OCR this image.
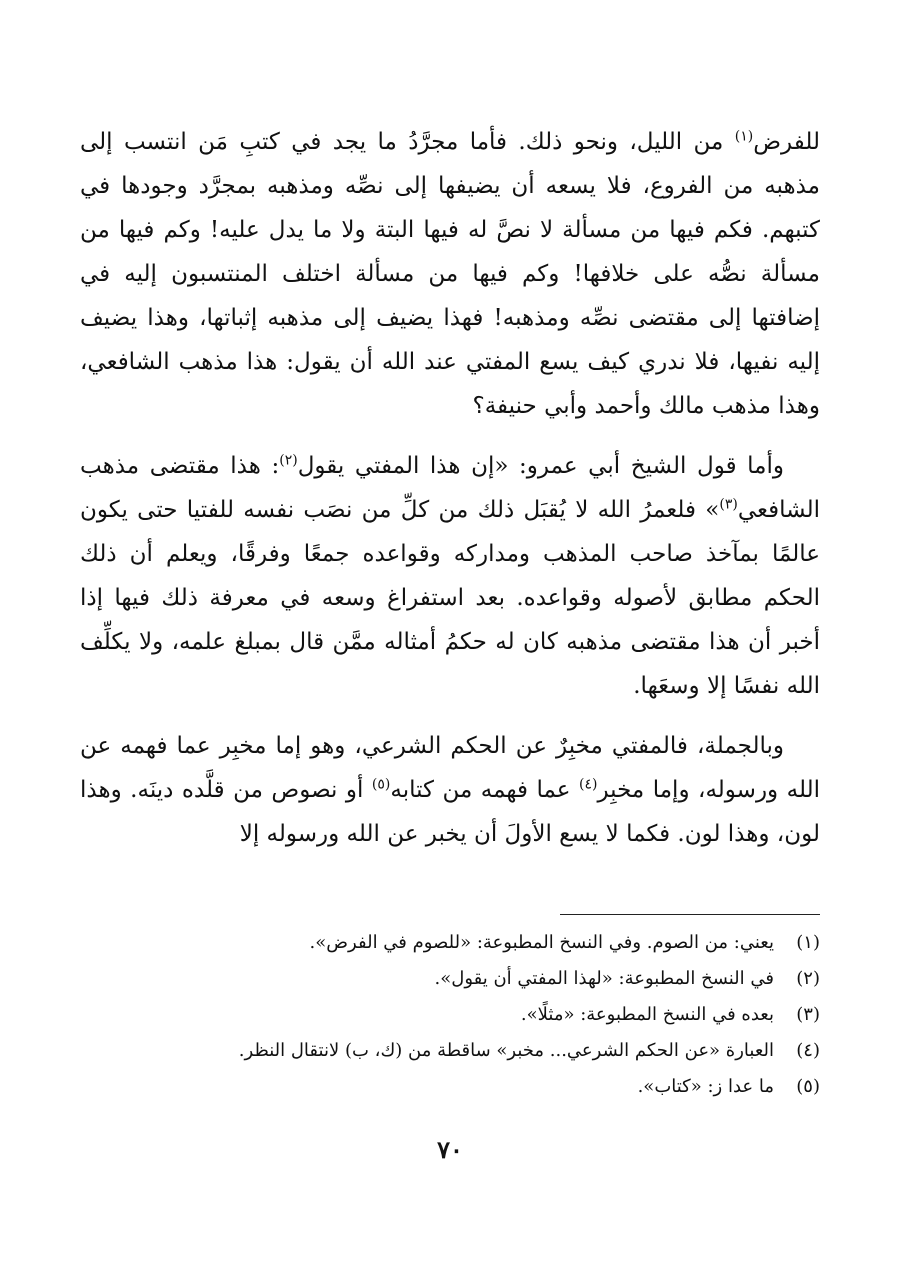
للفرض$^{(١)}$ من الليل، ونحو ذلك. فأما مجرَّدُ ما يجد في كتبِ مَن انتسب إلى مذهبه من الفروع، فلا يسعه أن يضيفها إلى نصِّه ومذهبه بمجرَّد وجودها في كتبهم. فكم فيها من مسألة لا نصَّ له فيها البتة ولا ما يدل عليه! وكم فيها من مسألة نصُّه على خلافها! وكم فيها من مسألة اختلف المنتسبون إليه في إضافتها إلى مقتضى نصِّه ومذهبه! فهذا يضيف إلى مذهبه إثباتها، وهذا يضيف إليه نفيها، فلا ندري كيف يسع المفتي عند الله أن يقول: هذا مذهب الشافعي، وهذا مذهب مالك وأحمد وأبي حنيفة؟

وأما قول الشيخ أبي عمرو: «إن هذا المفتي يقول$^{(٢)}$: هذا مقتضى مذهب الشافعي$^{(٣)}$» فلعمرُ الله لا يُقبَل ذلك من كلِّ من نصَب نفسه للفتيا حتى يكون عالمًا بمآخذ صاحب المذهب ومداركه وقواعده جمعًا وفرقًا، ويعلم أن ذلك الحكم مطابق لأصوله وقواعده. بعد استفراغ وسعه في معرفة ذلك فيها إذا أخبر أن هذا مقتضى مذهبه كان له حكمُ أمثاله ممَّن قال بمبلغ علمه، ولا يكلِّف الله نفسًا إلا وسعَها.

وبالجملة، فالمفتي مخبِرٌ عن الحكم الشرعي، وهو إما مخبِر عما فهمه عن الله ورسوله، وإما مخبِر$^{(٤)}$ عما فهمه من كتابه$^{(٥)}$ أو نصوص من قلَّده دينَه. وهذا لون، وهذا لون. فكما لا يسع الأولَ أن يخبر عن الله ورسوله إلا

(١)يعني: من الصوم. وفي النسخ المطبوعة: «للصوم في الفرض».
(٢)في النسخ المطبوعة: «لهذا المفتي أن يقول».
(٣)بعده في النسخ المطبوعة: «مثلًا».
(٤)العبارة «عن الحكم الشرعي... مخبر» ساقطة من (ك، ب) لانتقال النظر.
(٥)ما عدا ز: «كتاب».
٧٠
